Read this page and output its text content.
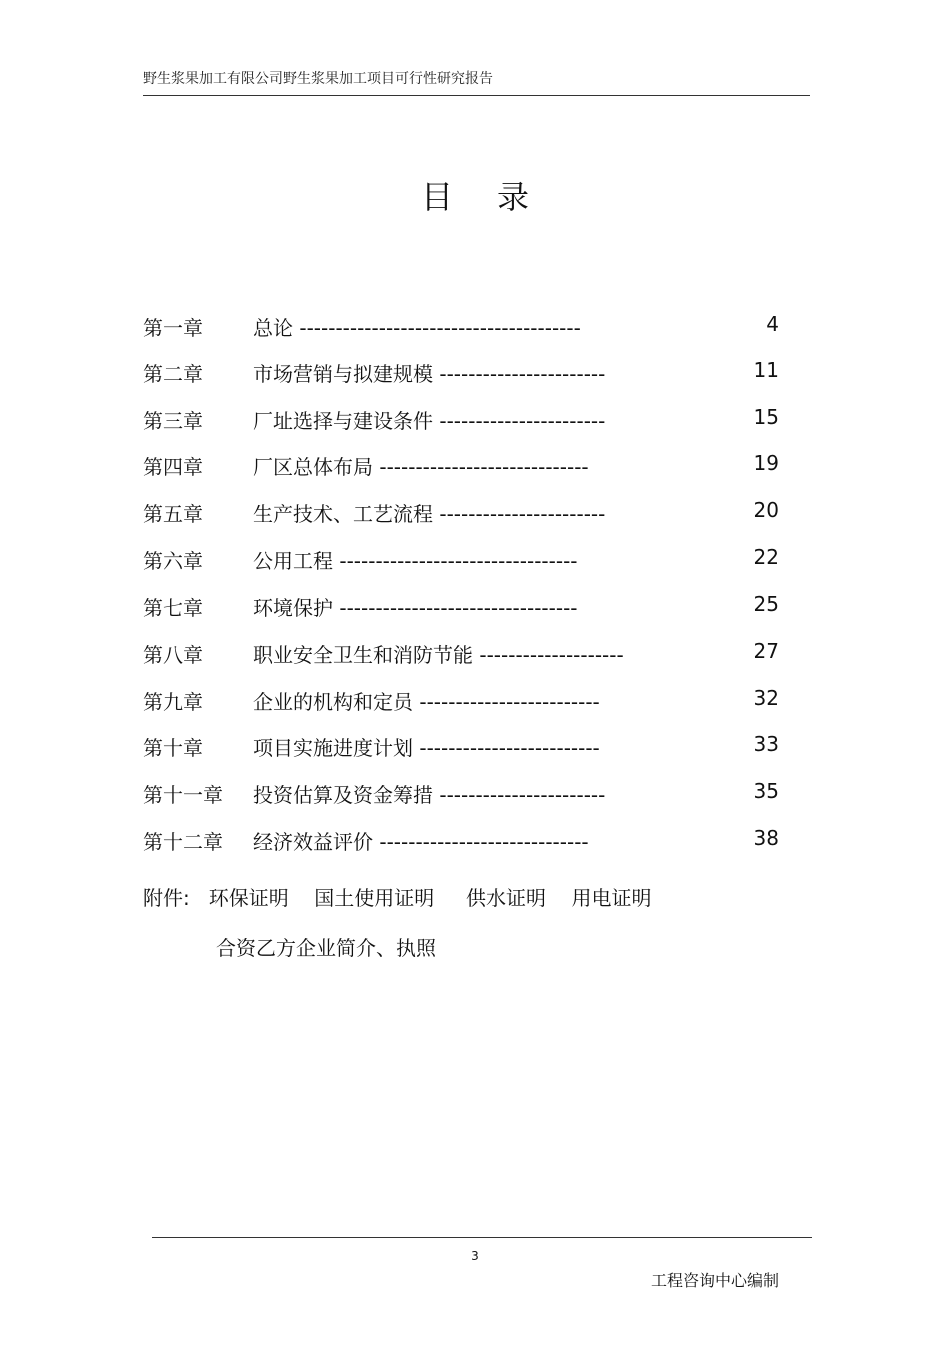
野生浆果加工有限公司野生浆果加工项目可行性研究报告
目 录
第一章	总论 ---------------------------------------	4
第二章	市场营销与拟建规模 -----------------------	11
第三章	厂址选择与建设条件 -----------------------	15
第四章	厂区总体布局 -----------------------------	19
第五章	生产技术、工艺流程 -----------------------	20
第六章	公用工程 ---------------------------------	22
第七章	环境保护 ---------------------------------	25
第八章	职业安全卫生和消防节能 --------------------	27
第九章	企业的机构和定员 -------------------------	32
第十章	项目实施进度计划 -------------------------	33
第十一章 投资估算及资金筹措 -----------------------	35
第十二章 经济效益评价 -----------------------------	38
附件:   环保证明    国土使用证明     供水证明    用电证明
合资乙方企业简介、执照
3
工程咨询中心编制
